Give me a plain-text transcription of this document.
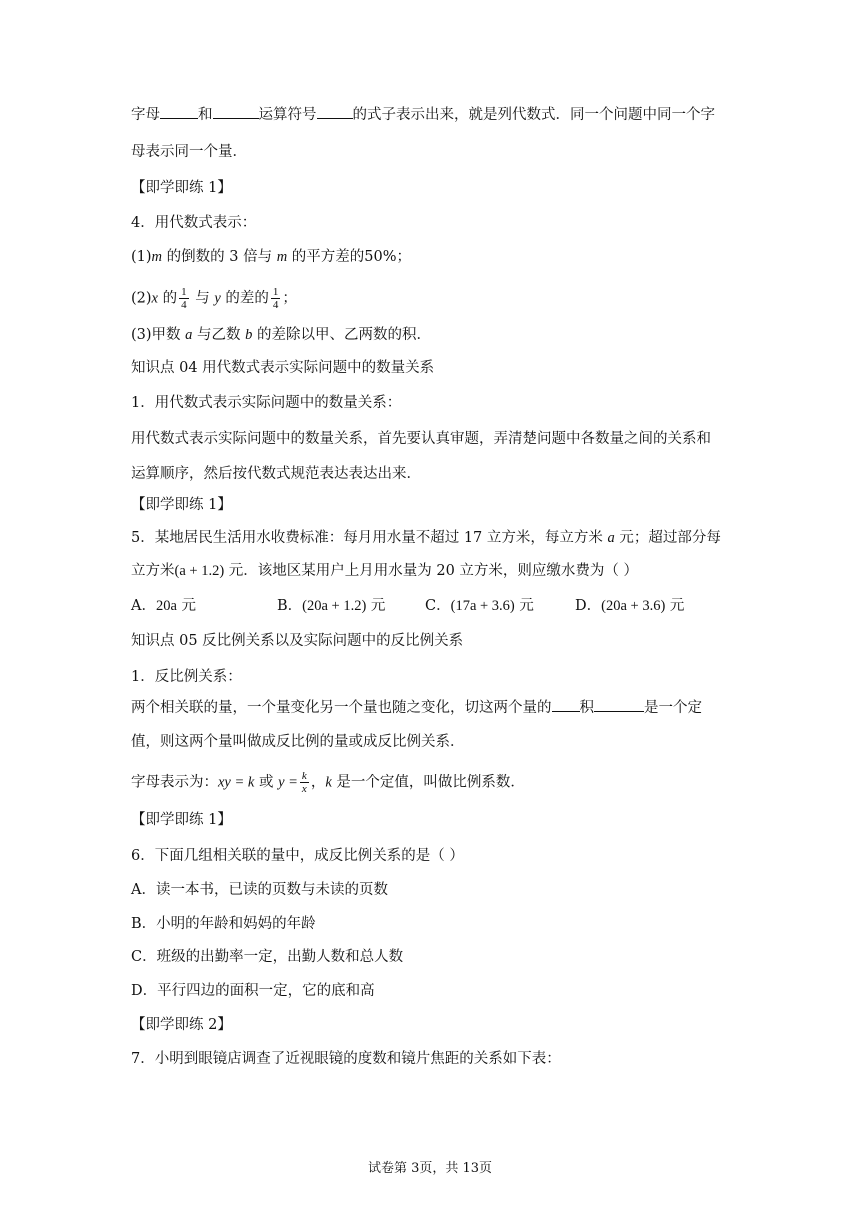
字母	和	运算符号 的式子表示出来，就是列代数式．同一个问题中同一个字
母表示同一个量．
【即学即练 1】
4．用代数式表示：
(1)m 的倒数的 3 倍与 m 的平方差的50%；
(2)x 的 $\frac{1}{4}$ 与 y 的差的 $\frac{1}{4}$ ；
(3)甲数 a 与乙数 b 的差除以甲、乙两数的积．
知识点 04 用代数式表示实际问题中的数量关系
1．用代数式表示实际问题中的数量关系：
用代数式表示实际问题中的数量关系，首先要认真审题，弄清楚问题中各数量之间的关系和
运算顺序，然后按代数式规范表达表达出来．
【即学即练 1】
5．某地居民生活用水收费标准：每月用水量不超过 17 立方米，每立方米 a 元；超过部分每
立方米(a + 1.2) 元．该地区某用户上月用水量为 20 立方米，则应缴水费为（ ）
A．20a 元	B．(20a + 1.2) 元	C．(17a + 3.6) 元	D．(20a + 3.6) 元
知识点 05 反比例关系以及实际问题中的反比例关系
1．反比例关系：
两个相关联的量，一个量变化另一个量也随之变化，切这两个量的 积	是一个定
值，则这两个量叫做成反比例的量或成反比例关系．
字母表示为：xy = k 或 $y = \frac{k}{x}$ ，k 是一个定值，叫做比例系数．
【即学即练 1】
6．下面几组相关联的量中，成反比例关系的是（ ）
A．读一本书，已读的页数与未读的页数
B．小明的年龄和妈妈的年龄
C．班级的出勤率一定，出勤人数和总人数
D．平行四边的面积一定，它的底和高
【即学即练 2】
7．小明到眼镜店调查了近视眼镜的度数和镜片焦距的关系如下表：
试卷第 3页，共 13页
